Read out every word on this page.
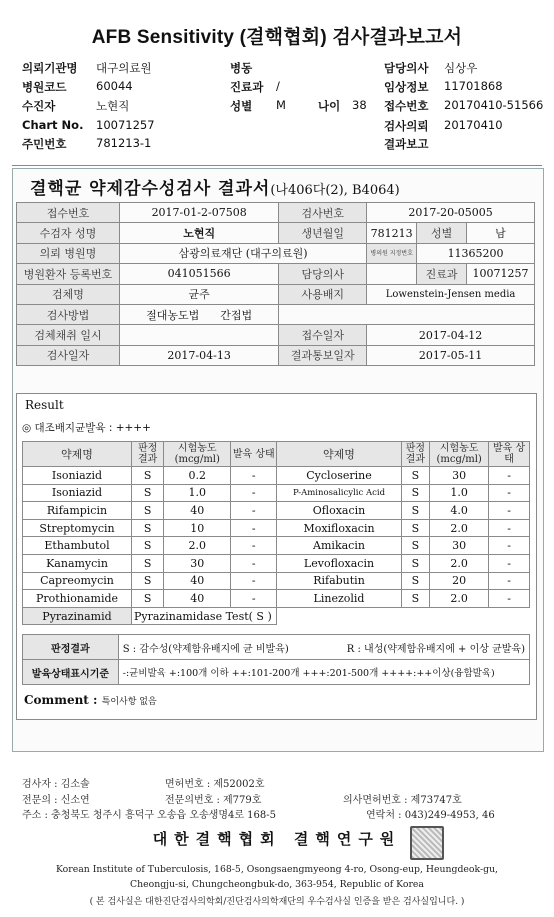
AFB Sensitivity (결핵협회) 검사결과보고서
의뢰기관명 대구의료원	병동	담당의사 심상우
병원코드	60044	진료과 /	임상정보 11701868
수진자	노현직	성별 M	나이 38 접수번호 20170410-51566
Chart No. 10071257	검사의뢰 20170410
주민번호	781213-1	결과보고
결핵균 약제감수성검사 결과서(나406다(2), B4064)
접수번호	2017-01-2-07508	검사번호	2017-20-05005		
수검자 성명	노현직	생년월일	781213	성별	남
의뢰 병원명	삼광의료재단 (대구의료원)		병의원 지정번호	11365200	
병원환자 등록번호	041051566	담당의사		진료과	10071257
검체명	균주	사용배지	Lowenstein-Jensen media		
검사방법	절대농도법 간접법				
검체채취 일시		접수일자	2017-04-12		
검사일자	2017-04-13	결과통보일자	2017-05-11		
Result
◎ 대조배지균발육 : ++++
약제명	판정 결과	시험농도 (mcg/ml)	발육 상태	약제명	판정 결과	시험농도 (mcg/ml)	발육 상태
Isoniazid	S	0.2	-	Cycloserine	S	30	-
Isoniazid	S	1.0	-	P-Aminosalicylic Acid	S	1.0	-
Rifampicin	S	40	-	Ofloxacin	S	4.0	-
Streptomycin	S	10	-	Moxifloxacin	S	2.0	-
Ethambutol	S	2.0	-	Amikacin	S	30	-
Kanamycin	S	30	-	Levofloxacin	S	2.0	-
Capreomycin	S	40	-	Rifabutin	S	20	-
Prothionamide	S	40	-	Linezolid	S	2.0	-
Pyrazinamid	Pyrazinamidase Test( S )						
판정결과	S : 감수성(약제함유배지에 균 비발육)	R : 내성(약제함유배지에 + 이상 균발육)
발육상태표시기준	-:균비발육 +:100개 이하 ++:101-200개 +++:201-500개 ++++:++이상(융합발육)	
Comment : 특이사항 없음
검사자 : 김소솔	면허번호 : 제52002호
전문의 : 신소연	전문의번호 : 제779호	의사면허번호 : 제73747호
주소 : 충청북도 청주시 흥덕구 오송읍 오송생명4로 168-5	연락처 : 043)249-4953, 46
대한결핵협회 결핵연구원
Korean Institute of Tuberculosis, 168-5, Osongsaengmyeong 4-ro, Osong-eup, Heungdeok-gu,
Cheongju-si, Chungcheongbuk-do, 363-954, Republic of Korea
( 본 검사실은 대한진단검사의학회/진단검사의학재단의 우수검사실 인증을 받은 검사실입니다. )
